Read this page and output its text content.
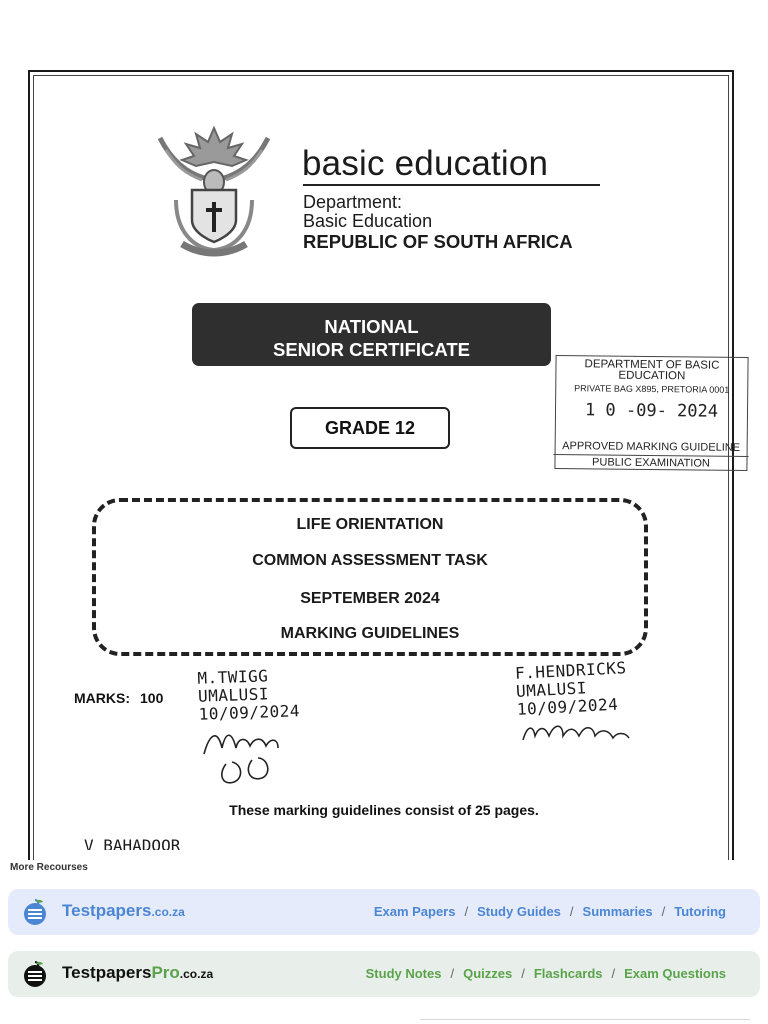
basic education
Department:
Basic Education
REPUBLIC OF SOUTH AFRICA
NATIONAL
SENIOR CERTIFICATE
GRADE 12
DEPARTMENT OF BASIC EDUCATION
PRIVATE BAG X895, PRETORIA 0001
1 0 -09- 2024
APPROVED MARKING GUIDELINE
PUBLIC EXAMINATION
LIFE ORIENTATION
COMMON ASSESSMENT TASK
SEPTEMBER 2024
MARKING GUIDELINES
MARKS: 100
M.TWIGG
UMALUSI
10/09/2024
F.HENDRICKS
UMALUSI
10/09/2024
These marking guidelines consist of 25 pages.
V BAHADOOR
More Recourses
Testpapers.co.za	Exam Papers / Study Guides / Summaries / Tutoring
TestpapersPro.co.za	Study Notes / Quizzes / Flashcards / Exam Questions
